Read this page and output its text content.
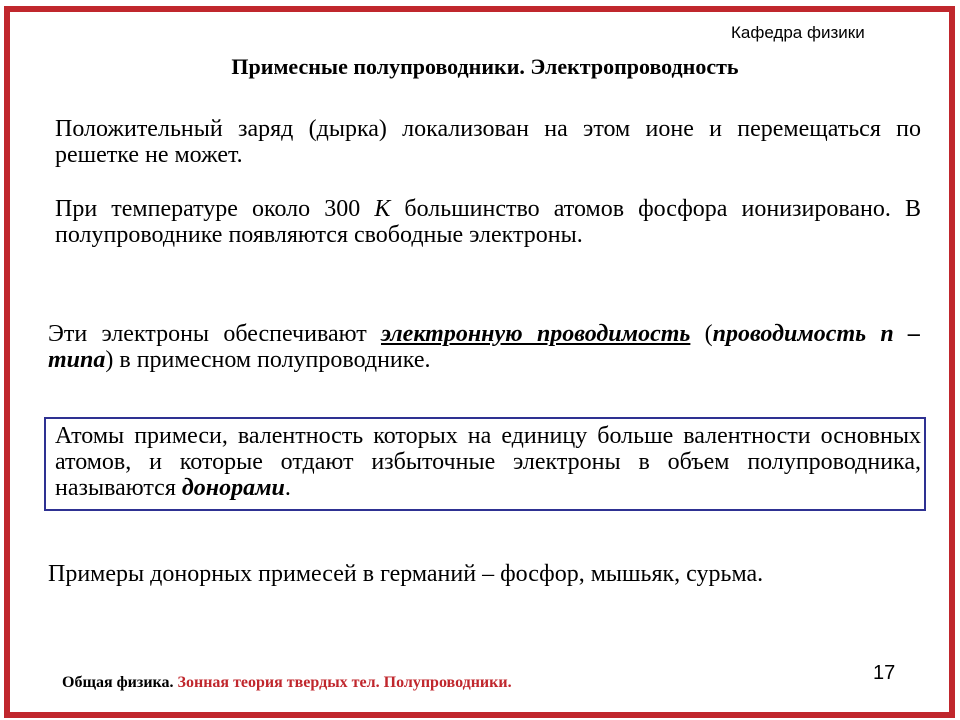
Кафедра физики
Примесные полупроводники. Электропроводность
Положительный заряд (дырка) локализован на этом ионе и перемещаться по решетке не может.
При температуре около 300 К большинство атомов фосфора ионизировано. В полупроводнике появляются свободные электроны.
Эти электроны обеспечивают электронную проводимость (проводимость n – типа) в примесном полупроводнике.
Атомы примеси, валентность которых на единицу больше валентности основных атомов, и которые отдают избыточные электроны в объем полупроводника, называются донорами.
Примеры донорных примесей в германий – фосфор, мышьяк, сурьма.
17
Общая физика. Зонная теория твердых тел. Полупроводники.
